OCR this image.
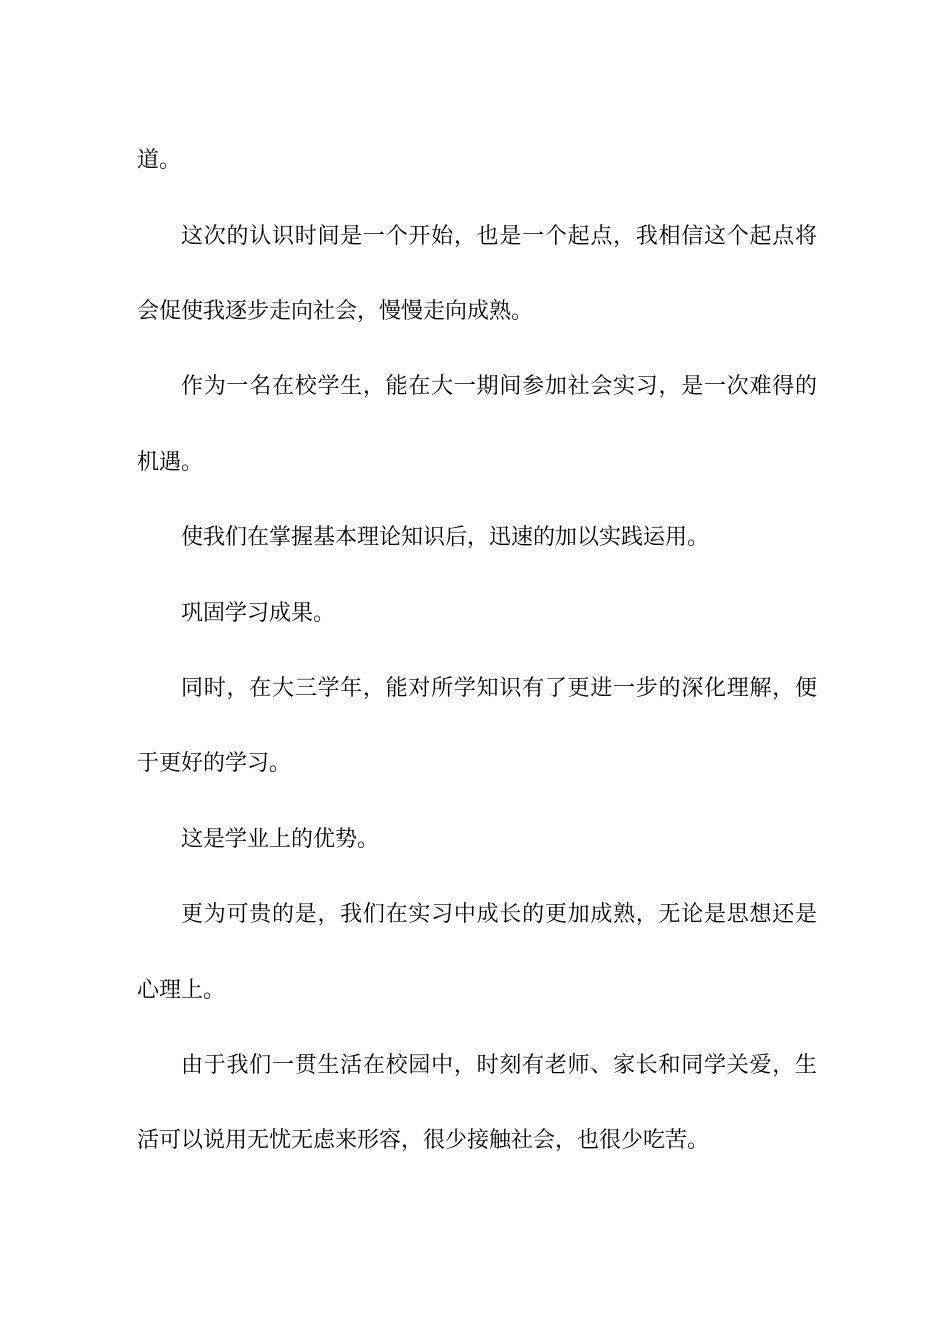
道。
这次的认识时间是一个开始，也是一个起点，我相信这个起点将
会促使我逐步走向社会，慢慢走向成熟。
作为一名在校学生，能在大一期间参加社会实习，是一次难得的
机遇。
使我们在掌握基本理论知识后，迅速的加以实践运用。
巩固学习成果。
同时，在大三学年，能对所学知识有了更进一步的深化理解，便
于更好的学习。
这是学业上的优势。
更为可贵的是，我们在实习中成长的更加成熟，无论是思想还是
心理上。
由于我们一贯生活在校园中，时刻有老师、家长和同学关爱，生
活可以说用无忧无虑来形容，很少接触社会，也很少吃苦。
